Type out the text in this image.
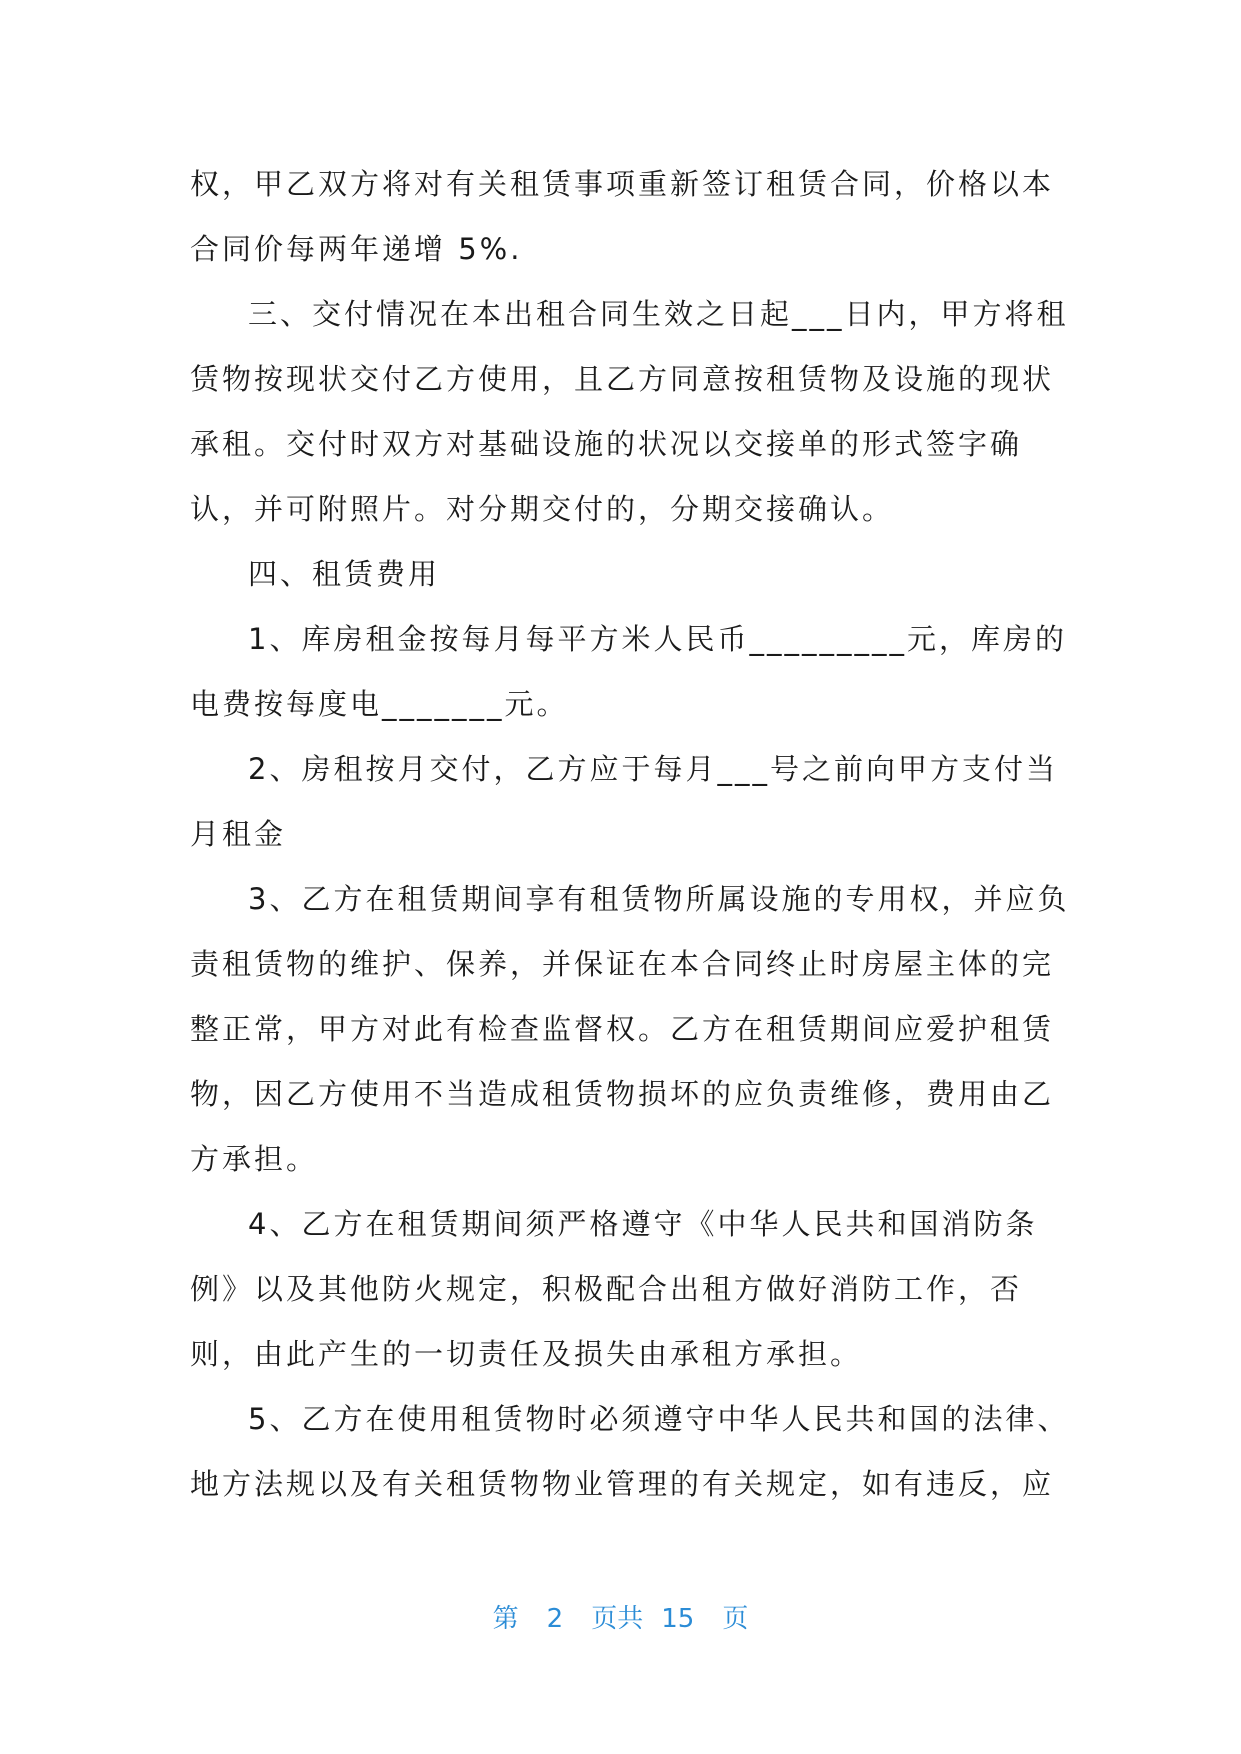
权，甲乙双方将对有关租赁事项重新签订租赁合同，价格以本
合同价每两年递增 5%.
三、交付情况在本出租合同生效之日起___日内，甲方将租
赁物按现状交付乙方使用，且乙方同意按租赁物及设施的现状
承租。交付时双方对基础设施的状况以交接单的形式签字确
认，并可附照片。对分期交付的，分期交接确认。
四、租赁费用
1、库房租金按每月每平方米人民币_________元，库房的
电费按每度电_______元。
2、房租按月交付，乙方应于每月___号之前向甲方支付当
月租金
3、乙方在租赁期间享有租赁物所属设施的专用权，并应负
责租赁物的维护、保养，并保证在本合同终止时房屋主体的完
整正常，甲方对此有检查监督权。乙方在租赁期间应爱护租赁
物，因乙方使用不当造成租赁物损坏的应负责维修，费用由乙
方承担。
4、乙方在租赁期间须严格遵守《中华人民共和国消防条
例》以及其他防火规定，积极配合出租方做好消防工作，否
则，由此产生的一切责任及损失由承租方承担。
5、乙方在使用租赁物时必须遵守中华人民共和国的法律、
地方法规以及有关租赁物物业管理的有关规定，如有违反，应
第 2 页共 15 页
